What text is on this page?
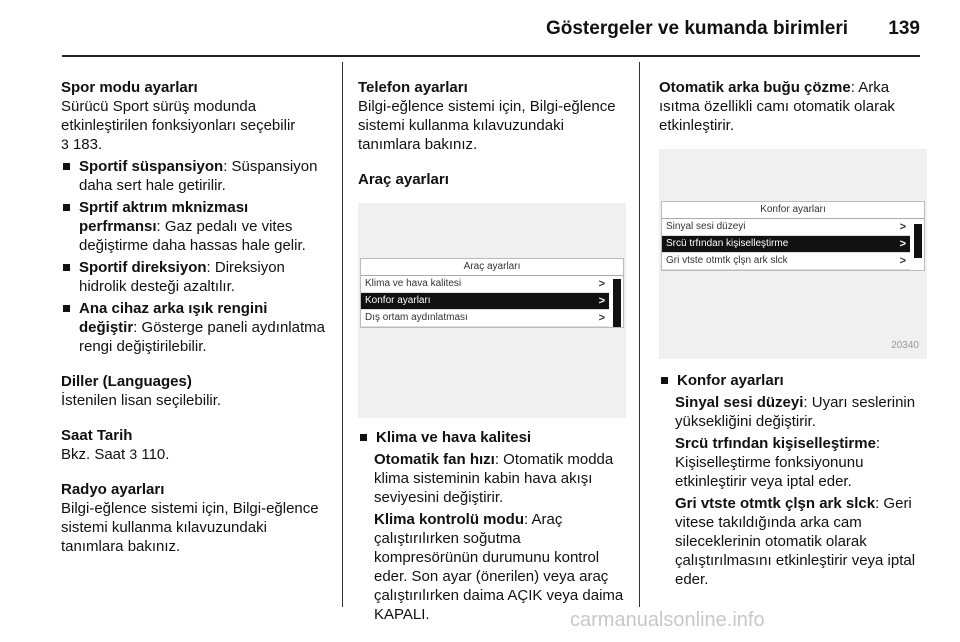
Göstergeler ve kumanda birimleri 139

Spor modu ayarları

Sürücü Sport sürüş modunda etkinleştirilen fonksiyonları seçebilir
3 183.

Sportif süspansiyon: Süspansiyon daha sert hale getirilir.
Sprtif aktrım mknizması perfrmansı: Gaz pedalı ve vites değiştirme daha hassas hale gelir.
Sportif direksiyon: Direksiyon hidrolik desteği azaltılır.
Ana cihaz arka ışık rengini değiştir: Gösterge paneli aydınlatma rengi değiştirilebilir.

Diller (Languages)

İstenilen lisan seçilebilir.

Saat Tarih

Bkz. Saat 3 110.

Radyo ayarları

Bilgi-eğlence sistemi için, Bilgi-eğlence sistemi kullanma kılavuzundaki tanımlara bakınız.

Telefon ayarları

Bilgi-eğlence sistemi için, Bilgi-eğlence sistemi kullanma kılavuzundaki tanımlara bakınız.

Araç ayarları

Araç ayarları
Klima ve hava kalitesi	>
Konfor ayarları	>
Dış ortam aydınlatması	>
Klima ve hava kalitesi

Otomatik fan hızı: Otomatik modda klima sisteminin kabin hava akışı seviyesini değiştirir.

Klima kontrolü modu: Araç çalıştırılırken soğutma kompresörünün durumunu kontrol eder. Son ayar (önerilen) veya araç çalıştırılırken daima AÇIK veya daima KAPALI.

Otomatik arka buğu çözme: Arka ısıtma özellikli camı otomatik olarak etkinleştirir.

Konfor ayarları
Sinyal sesi düzeyi	>
Srcü trfından kişiselleştirme	>
Gri vtste otmtk çlşn ark slck	>
20340
Konfor ayarları

Sinyal sesi düzeyi: Uyarı seslerinin yüksekliğini değiştirir.

Srcü trfından kişiselleştirme: Kişiselleştirme fonksiyonunu etkinleştirir veya iptal eder.

Gri vtste otmtk çlşn ark slck: Geri vitese takıldığında arka cam sileceklerinin otomatik olarak çalıştırılmasını etkinleştirir veya iptal eder.

carmanualsonline.info
